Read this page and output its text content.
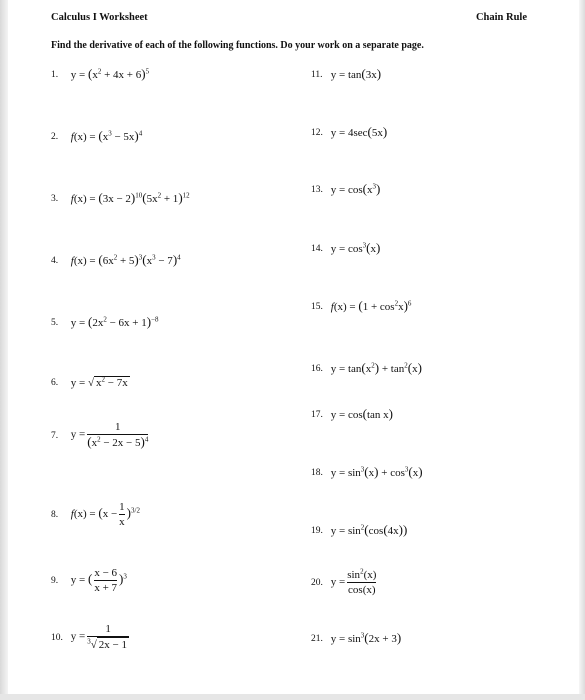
Calculus I Worksheet	Chain Rule
Find the derivative of each of the following functions. Do your work on a separate page.
1. $y = (x^2 + 4x + 6)^5$
2. $f(x) = (x^3 - 5x)^4$
3. $f(x) = (3x - 2)^{10}(5x^2 + 1)^{12}$
4. $f(x) = (6x^2 + 5)^3(x^3 - 7)^4$
5. $y = (2x^2 - 6x + 1)^{-8}$
6. y = √ $x^2 - 7x$
7. $y = \frac{1}{(x^2 - 2x - 5)^4}$
8. $f(x) = (x - \frac{1}{x} )^{3/2}$
9. y = ( $\frac{x - 6}{x + 7} )^3$
10. $y = \frac{1}{^3√ 2x - 1}$
11. y = tan(3x)
12. y = 4sec(5x)
13. $y = \cos(x^3)$
14. $y = \cos^3(x)$
15. $f(x) = (1 + \cos^2x)^6$
16. $y = \tan(x^2) + \tan^2(x)$
17. y = cos(tan x)
18. $y = \sin^3(x) + \cos^3(x)$
19. $y = \sin^2(\cos(4x))$
20. $y = \frac{\sin^2(x)}{\cos(x)}$
21. $y = \sin^3(2x + 3)$
